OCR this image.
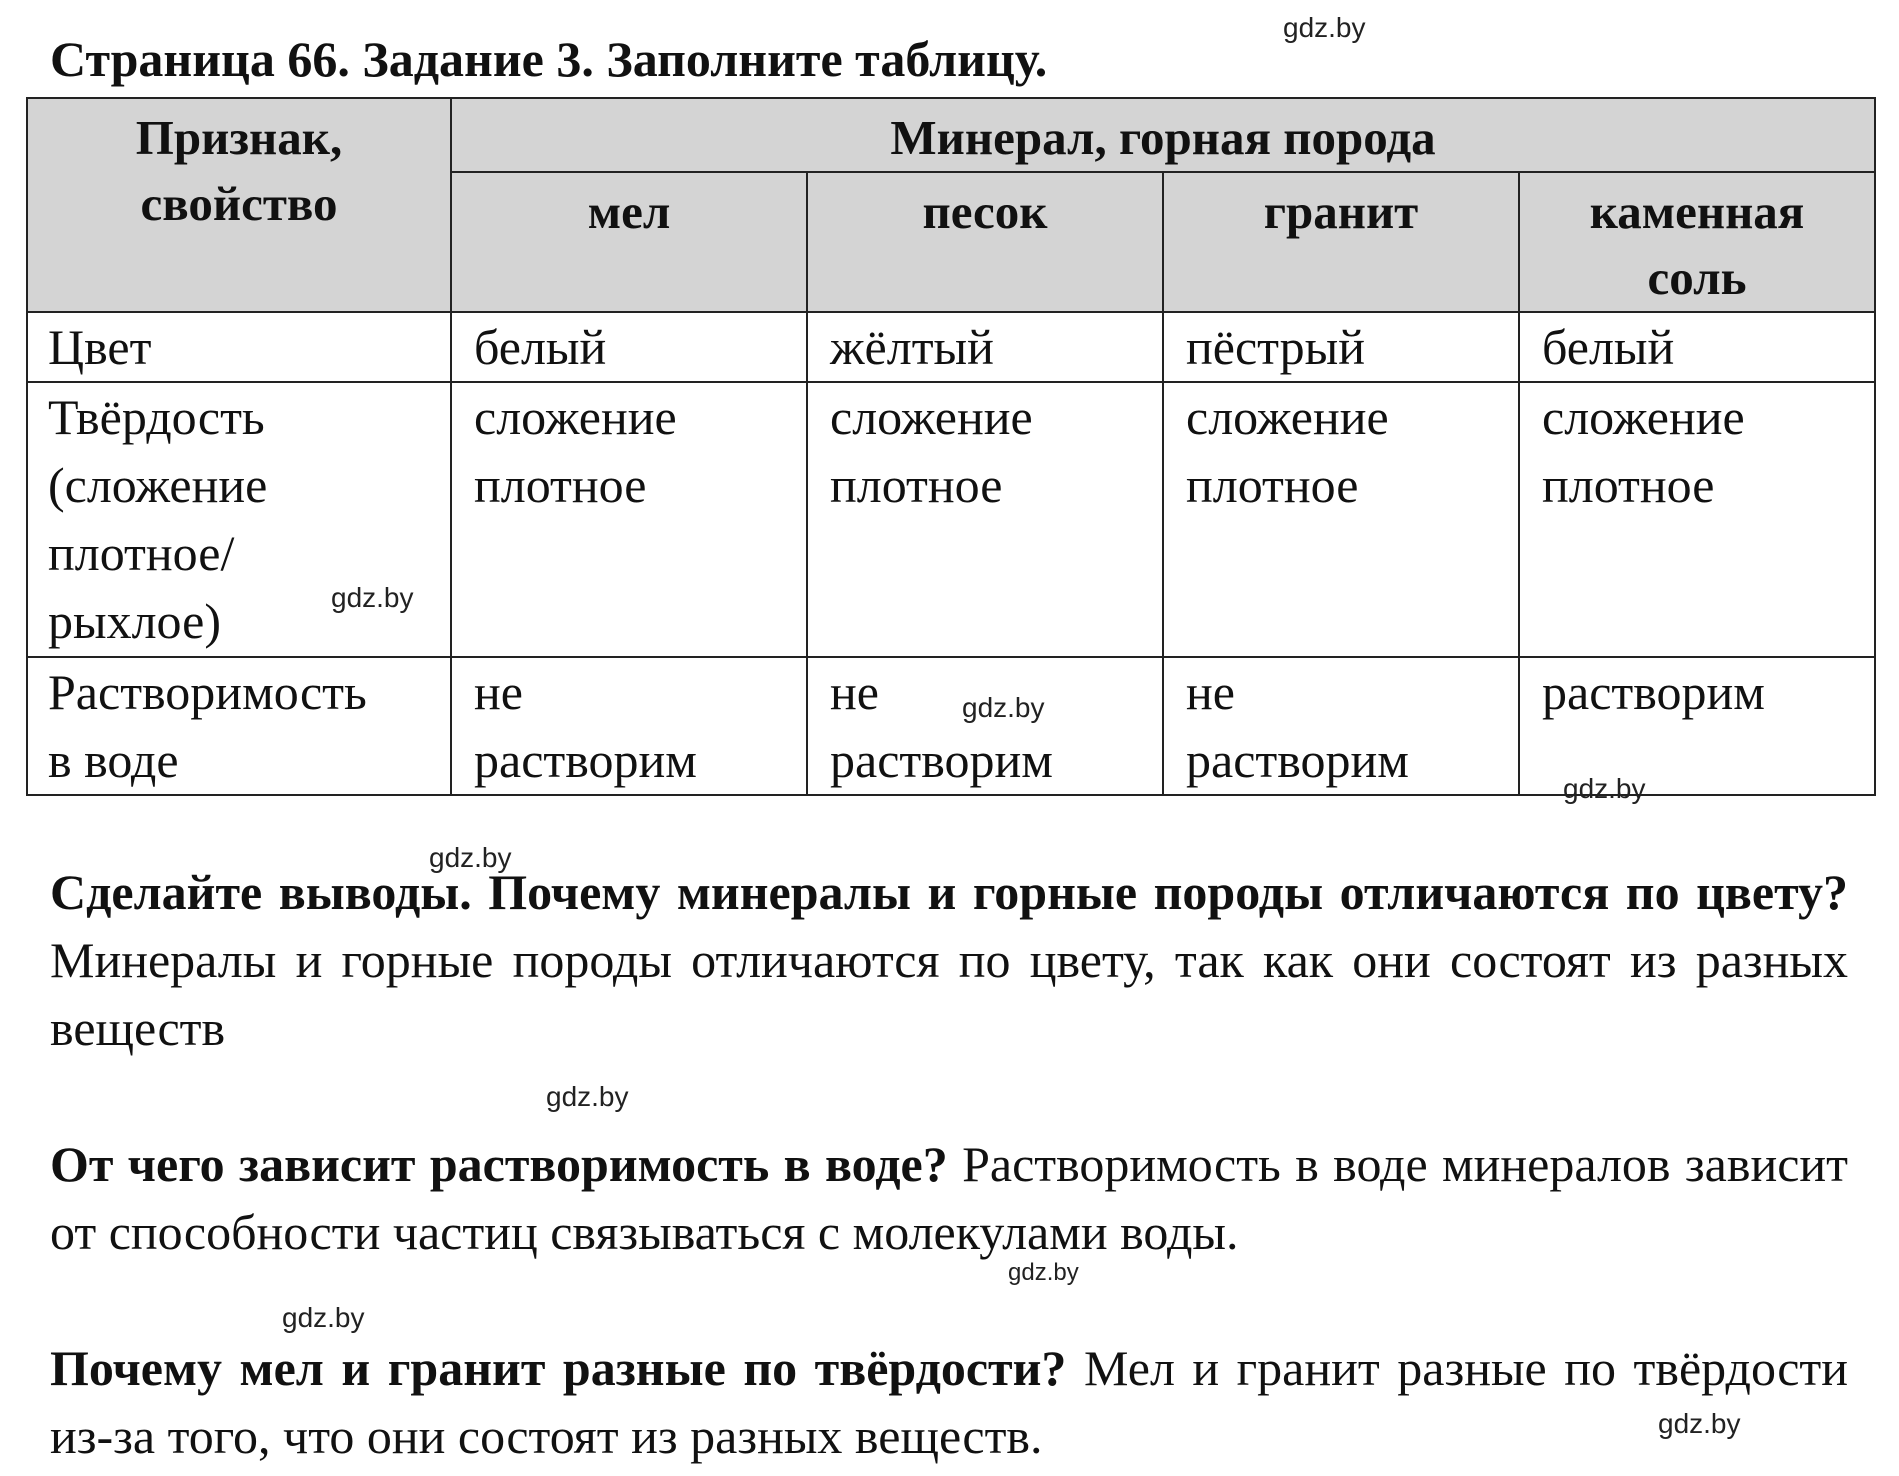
Страница 66. Задание 3. Заполните таблицу.
gdz.by
gdz.by
gdz.by
gdz.by
gdz.by
gdz.by
gdz.by
gdz.by
gdz.by
Признак, свойство	Минерал, горная порода			
	мел	песок	гранит	каменная соль

Цвет	белый	жёлтый	пёстрый	белый

Твёрдость (сложение плотное/ рыхлое)	сложение плотное	сложение плотное	сложение плотное	сложение плотное

Растворимость в воде	не растворим	не растворим	не растворим	растворим
Сделайте выводы. Почему минералы и горные породы отличаются по цвету?
Минералы и горные породы отличаются по цвету, так как они состоят из разных веществ
От чего зависит растворимость в воде? Растворимость в воде минералов зависит от способности частиц связываться с молекулами воды.
Почему мел и гранит разные по твёрдости? Мел и гранит разные по твёрдости из-за того, что они состоят из разных веществ.
